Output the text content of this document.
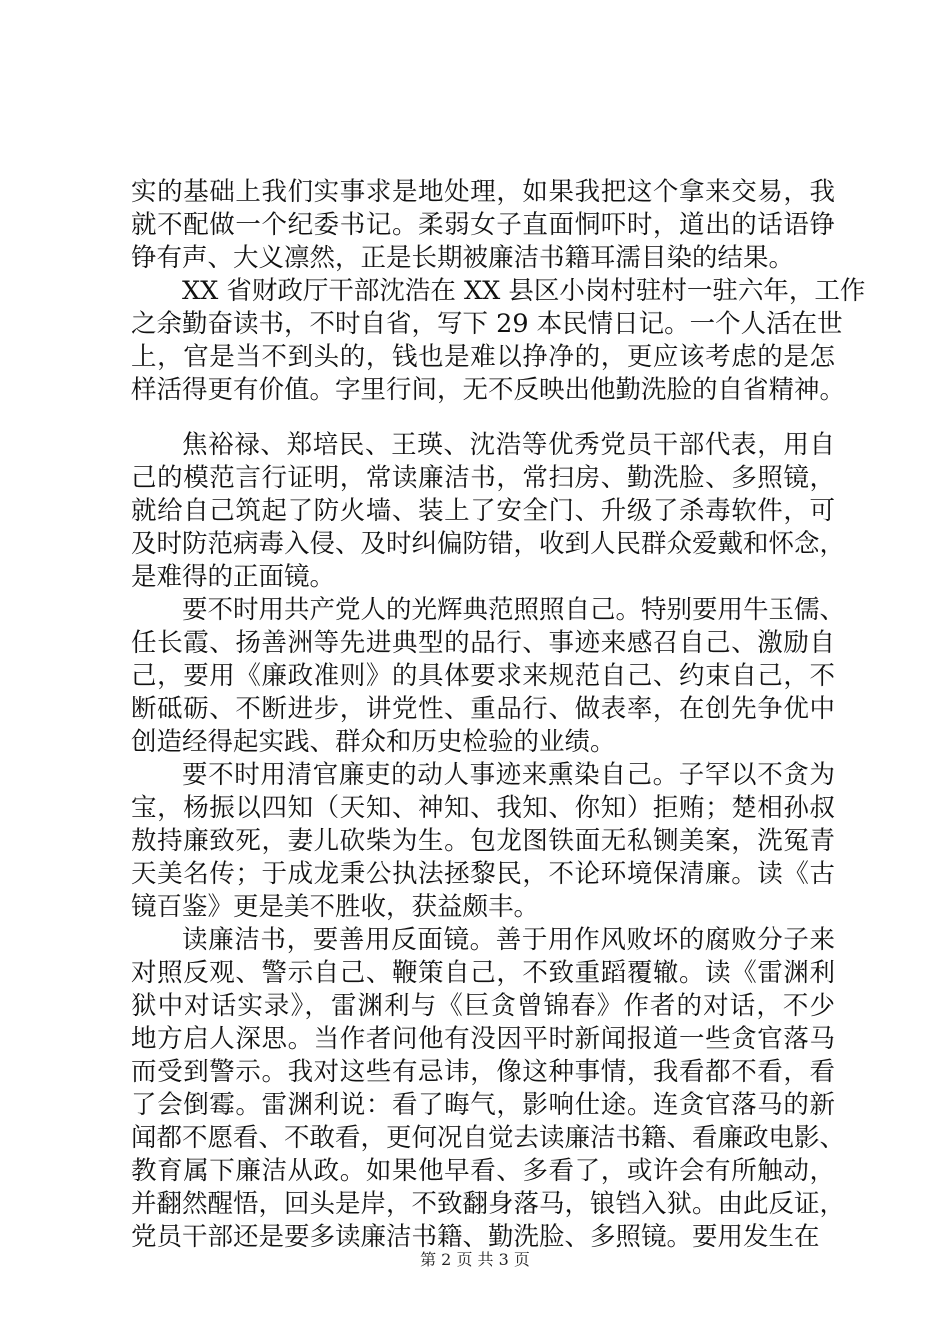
实的基础上我们实事求是地处理，如果我把这个拿来交易，我
就不配做一个纪委书记。柔弱女子直面恫吓时，道出的话语铮
铮有声、大义凛然，正是长期被廉洁书籍耳濡目染的结果。
XX 省财政厅干部沈浩在 XX 县区小岗村驻村一驻六年，工作
之余勤奋读书，不时自省，写下 29 本民情日记。一个人活在世
上，官是当不到头的，钱也是难以挣净的，更应该考虑的是怎
样活得更有价值。字里行间，无不反映出他勤洗脸的自省精神。
焦裕禄、郑培民、王瑛、沈浩等优秀党员干部代表，用自
己的模范言行证明，常读廉洁书，常扫房、勤洗脸、多照镜，
就给自己筑起了防火墙、装上了安全门、升级了杀毒软件，可
及时防范病毒入侵、及时纠偏防错，收到人民群众爱戴和怀念，
是难得的正面镜。
要不时用共产党人的光辉典范照照自己。特别要用牛玉儒、
任长霞、扬善洲等先进典型的品行、事迹来感召自己、激励自
己，要用《廉政准则》的具体要求来规范自己、约束自己，不
断砥砺、不断进步，讲党性、重品行、做表率，在创先争优中
创造经得起实践、群众和历史检验的业绩。
要不时用清官廉吏的动人事迹来熏染自己。子罕以不贪为
宝，杨振以四知（天知、神知、我知、你知）拒贿；楚相孙叔
敖持廉致死，妻儿砍柴为生。包龙图铁面无私铡美案，洗冤青
天美名传；于成龙秉公执法拯黎民，不论环境保清廉。读《古
镜百鉴》更是美不胜收，获益颇丰。
读廉洁书，要善用反面镜。善于用作风败坏的腐败分子来
对照反观、警示自己、鞭策自己，不致重蹈覆辙。读《雷渊利
狱中对话实录》，雷渊利与《巨贪曾锦春》作者的对话，不少
地方启人深思。当作者问他有没因平时新闻报道一些贪官落马
而受到警示。我对这些有忌讳，像这种事情，我看都不看，看
了会倒霉。雷渊利说：看了晦气，影响仕途。连贪官落马的新
闻都不愿看、不敢看，更何况自觉去读廉洁书籍、看廉政电影、
教育属下廉洁从政。如果他早看、多看了，或许会有所触动，
并翻然醒悟，回头是岸，不致翻身落马，锒铛入狱。由此反证，
党员干部还是要多读廉洁书籍、勤洗脸、多照镜。要用发生在
第 2 页 共 3 页
